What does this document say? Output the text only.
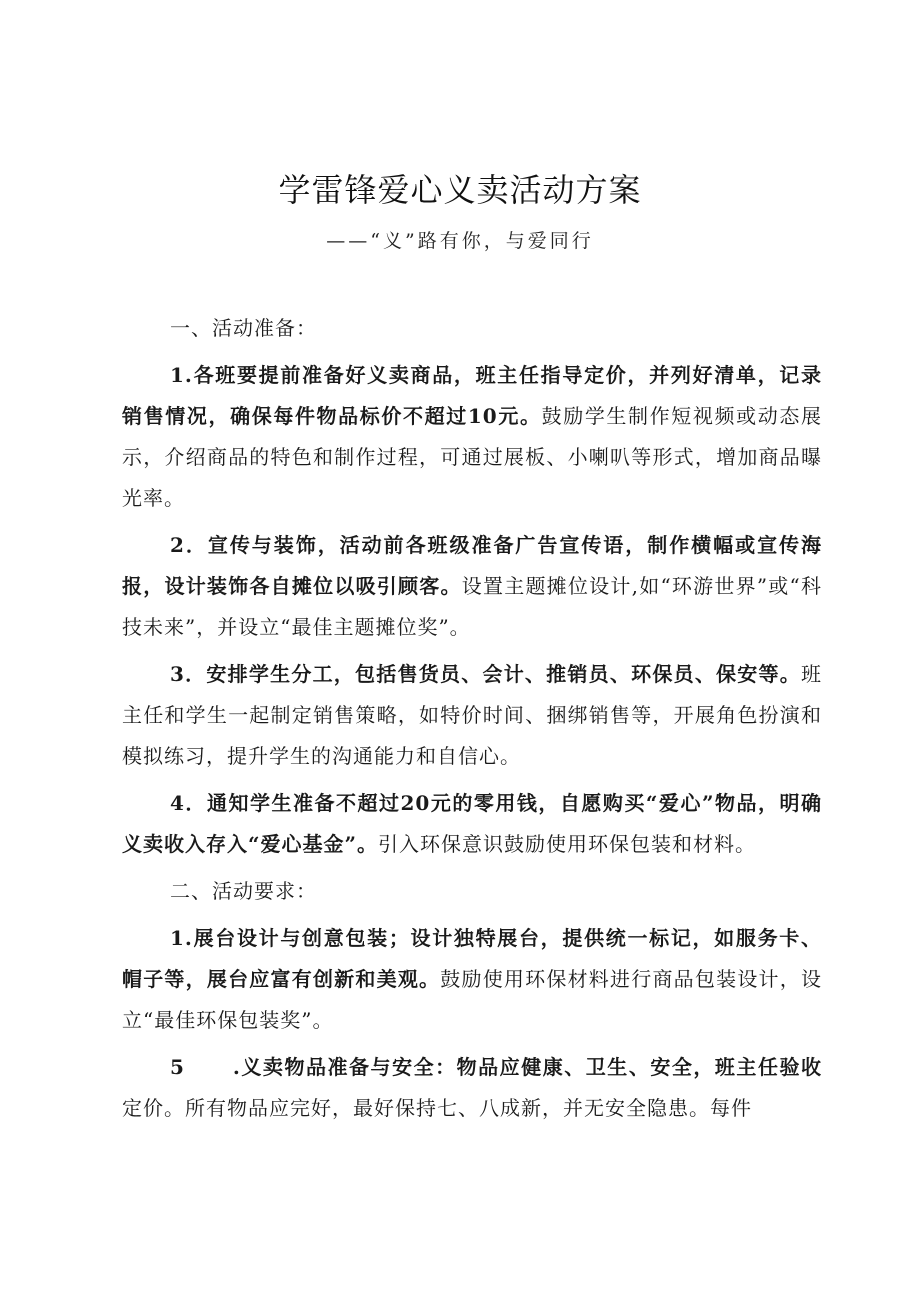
学雷锋爱心义卖活动方案
——“义”路有你，与爱同行

一、活动准备：

1.各班要提前准备好义卖商品，班主任指导定价，并列好清单，记录销售情况，确保每件物品标价不超过10元。鼓励学生制作短视频或动态展示，介绍商品的特色和制作过程，可通过展板、小喇叭等形式，增加商品曝光率。

2．宣传与装饰，活动前各班级准备广告宣传语，制作横幅或宣传海报，设计装饰各自摊位以吸引顾客。设置主题摊位设计,如“环游世界”或“科技未来”，并设立“最佳主题摊位奖”。

3．安排学生分工，包括售货员、会计、推销员、环保员、保安等。班主任和学生一起制定销售策略，如特价时间、捆绑销售等，开展角色扮演和模拟练习，提升学生的沟通能力和自信心。

4．通知学生准备不超过20元的零用钱，自愿购买“爱心”物品，明确义卖收入存入“爱心基金”。引入环保意识鼓励使用环保包装和材料。

二、活动要求：

1.展台设计与创意包装；设计独特展台，提供统一标记，如服务卡、帽子等，展台应富有创新和美观。鼓励使用环保材料进行商品包装设计，设立“最佳环保包装奖”。

5 .义卖物品准备与安全：物品应健康、卫生、安全，班主任验收定价。所有物品应完好，最好保持七、八成新，并无安全隐患。每件
